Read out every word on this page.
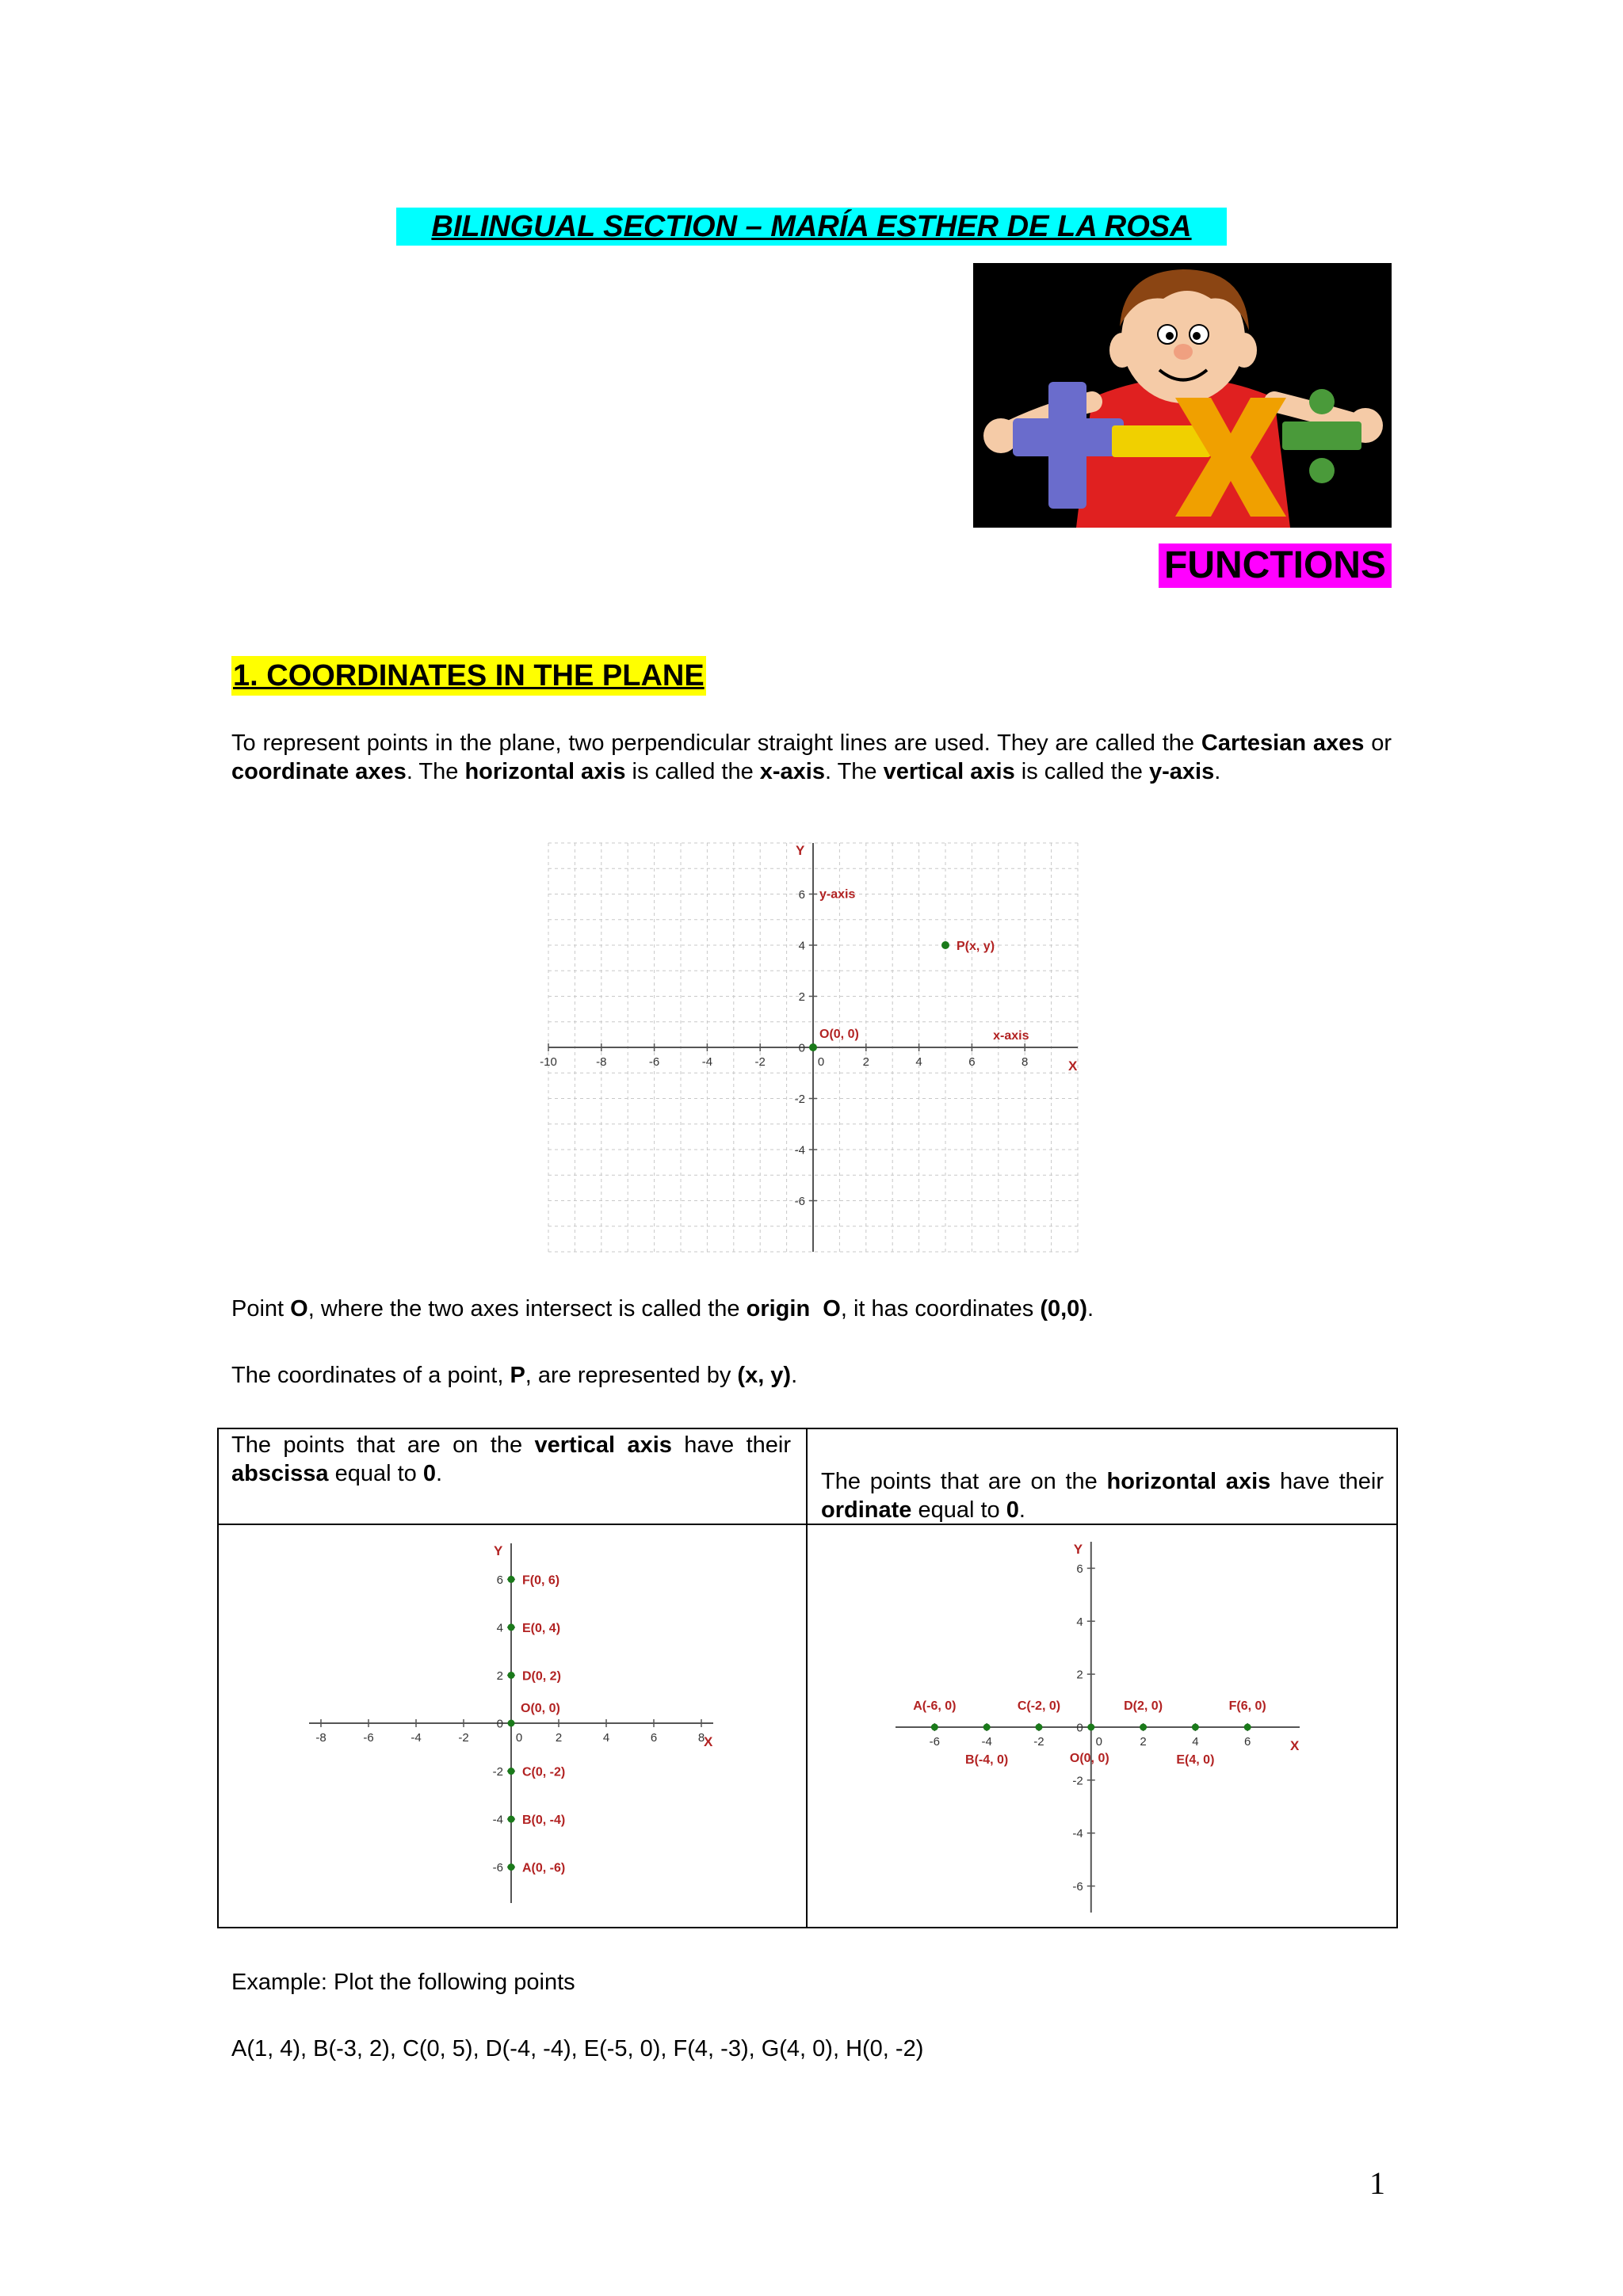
BILINGUAL SECTION – MARÍA ESTHER DE LA ROSA
FUNCTIONS
1. COORDINATES IN THE PLANE
To represent points in the plane, two perpendicular straight lines are used. They are called the Cartesian axes or coordinate axes. The horizontal axis is called the x-axis. The vertical axis is called the y-axis.
-10	-8	-6	-4	-2	0	2	4	6	8
6
4
2
0
-2
-4
-6
X
Y
y-axis
x-axis
O(0, 0)
P(x, y)
Point O, where the two axes intersect is called the origin O, it has coordinates (0,0).
The coordinates of a point, P, are represented by (x, y).
The points that are on the vertical axis have their abscissa equal to 0.	The points that are on the horizontal axis have their ordinate equal to 0.
-8	-6	-4	-2	0	2	4	6	8
6
4
2
0
-2
-4
-6
X
Y
F(0, 6)
E(0, 4)
D(0, 2)
O(0, 0)
C(0, -2)
B(0, -4)
A(0, -6)
-6	-4	-2	0	2	4	6
6
4
2
0
-2
-4
-6
X
Y
A(-6, 0)
B(-4, 0)
C(-2, 0)
O(0, 0)
D(2, 0)
E(4, 0)
F(6, 0)
Example: Plot the following points
A(1, 4), B(-3, 2), C(0, 5), D(-4, -4), E(-5, 0), F(4, -3), G(4, 0), H(0, -2)
1
